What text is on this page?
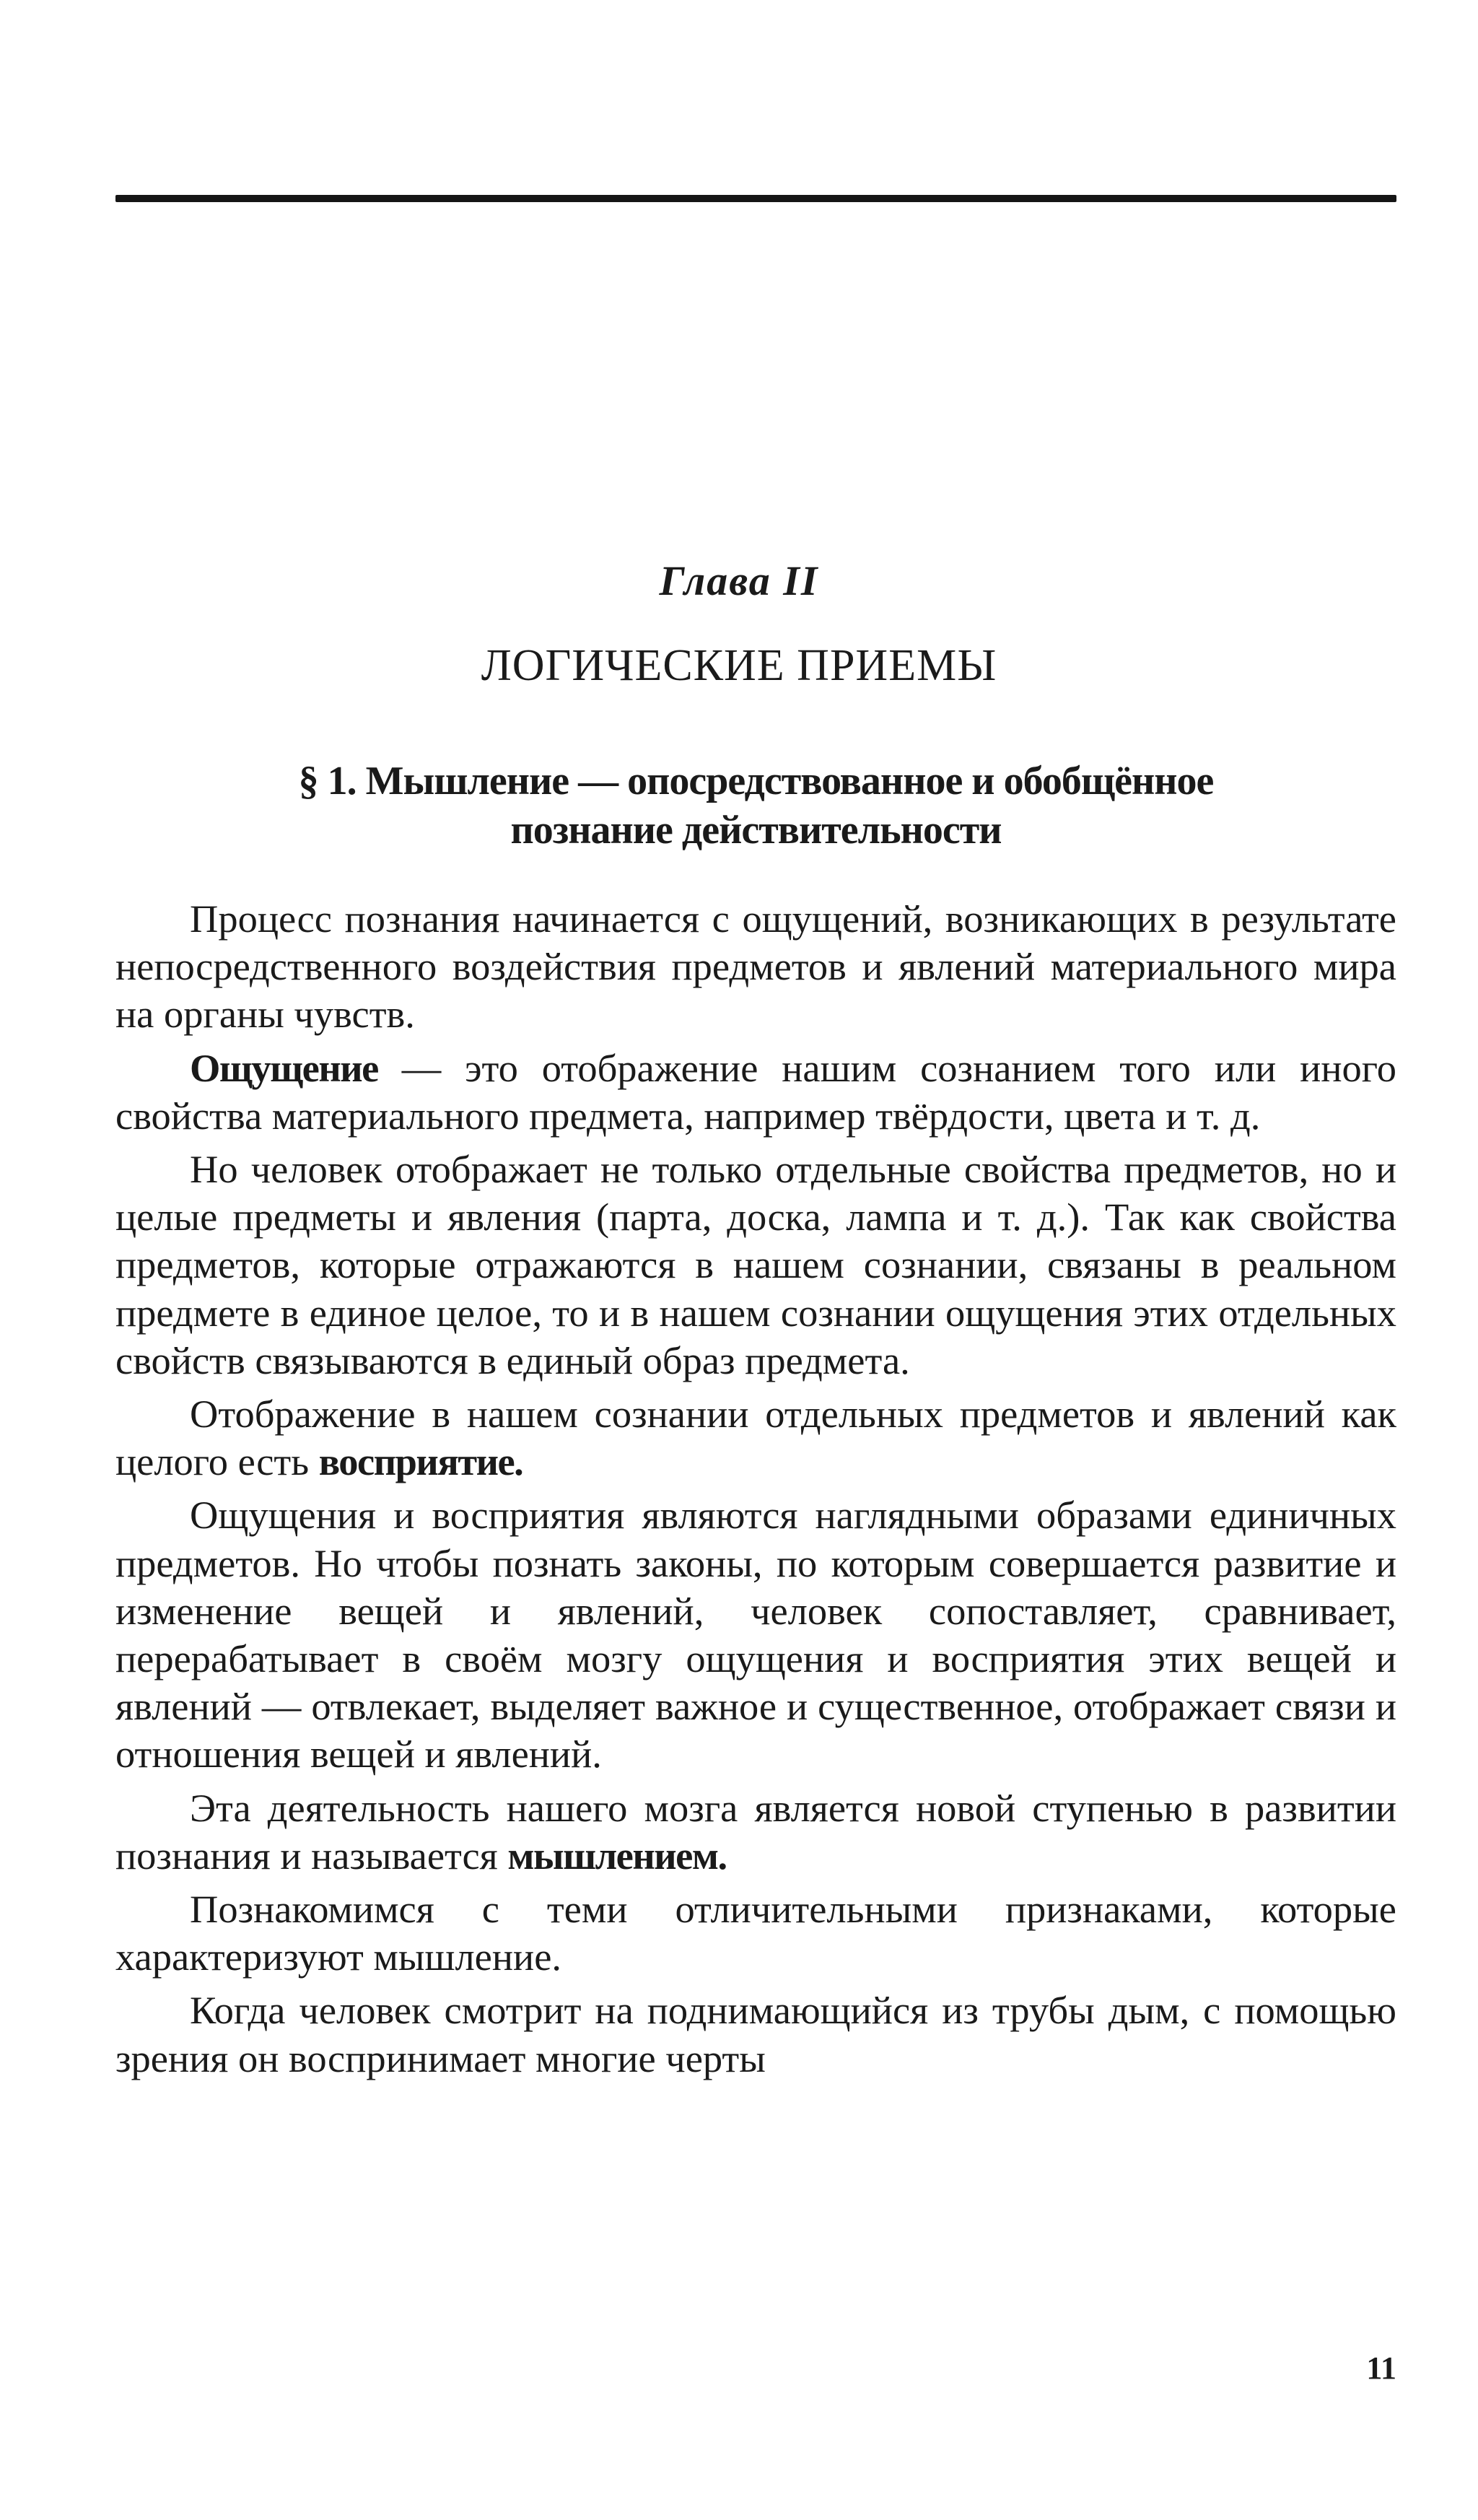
Глава II
ЛОГИЧЕСКИЕ ПРИЕМЫ
§ 1. Мышление — опосредствованное и обобщённое
познание действительности

Процесс познания начинается с ощущений, возникающих в результате непосредственного воздействия предметов и явлений материального мира на органы чувств.

Ощущение — это отображение нашим сознанием того или иного свойства материального предмета, например твёрдости, цвета и т. д.

Но человек отображает не только отдельные свойства предметов, но и целые предметы и явления (парта, доска, лампа и т. д.). Так как свойства предметов, которые отражаются в нашем сознании, связаны в реальном предмете в единое целое, то и в нашем сознании ощущения этих отдельных свойств связываются в единый образ предмета.

Отображение в нашем сознании отдельных предметов и явлений как целого есть восприятие.

Ощущения и восприятия являются наглядными образами единичных предметов. Но чтобы познать законы, по которым совершается развитие и изменение вещей и явлений, человек сопоставляет, сравнивает, перерабатывает в своём мозгу ощущения и восприятия этих вещей и явлений — отвлекает, выделяет важное и существенное, отображает связи и отношения вещей и явлений.

Эта деятельность нашего мозга является новой ступенью в развитии познания и называется мышлением.

Познакомимся с теми отличительными признаками, которые характеризуют мышление.

Когда человек смотрит на поднимающийся из трубы дым, с помощью зрения он воспринимает многие черты

11
